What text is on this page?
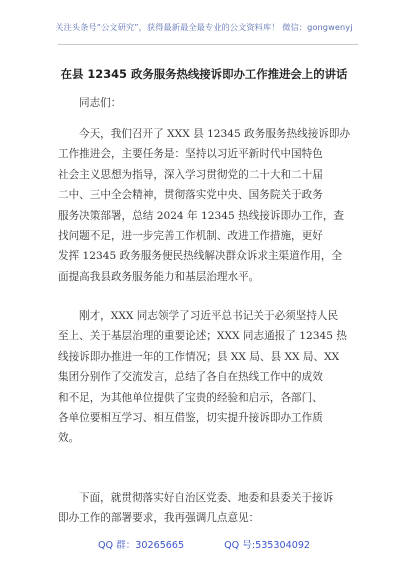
关注头条号“公文研究”，获得最新最全最专业的公文资料库！ 微信：gongwenyj
在县 12345 政务服务热线接诉即办工作推进会上的讲话
同志们：
今天，我们召开了 XXX 县 12345 政务服务热线接诉即办
工作推进会，主要任务是：坚持以习近平新时代中国特色
社会主义思想为指导，深入学习贯彻党的二十大和二十届
二中、三中全会精神，贯彻落实党中央、国务院关于政务
服务决策部署，总结 2024 年 12345 热线接诉即办工作，查
找问题不足，进一步完善工作机制、改进工作措施，更好
发挥 12345 政务服务便民热线解决群众诉求主渠道作用，全
面提高我县政务服务能力和基层治理水平。
刚才，XXX 同志领学了习近平总书记关于必须坚持人民
至上、关于基层治理的重要论述；XXX 同志通报了 12345 热
线接诉即办推进一年的工作情况；县 XX 局、县 XX 局、XX
集团分别作了交流发言，总结了各自在热线工作中的成效
和不足，为其他单位提供了宝贵的经验和启示，各部门、
各单位要相互学习、相互借鉴，切实提升接诉即办工作质
效。
下面，就贯彻落实好自治区党委、地委和县委关于接诉
即办工作的部署要求，我再强调几点意见：
QQ 群：30265665	QQ 号:535304092
